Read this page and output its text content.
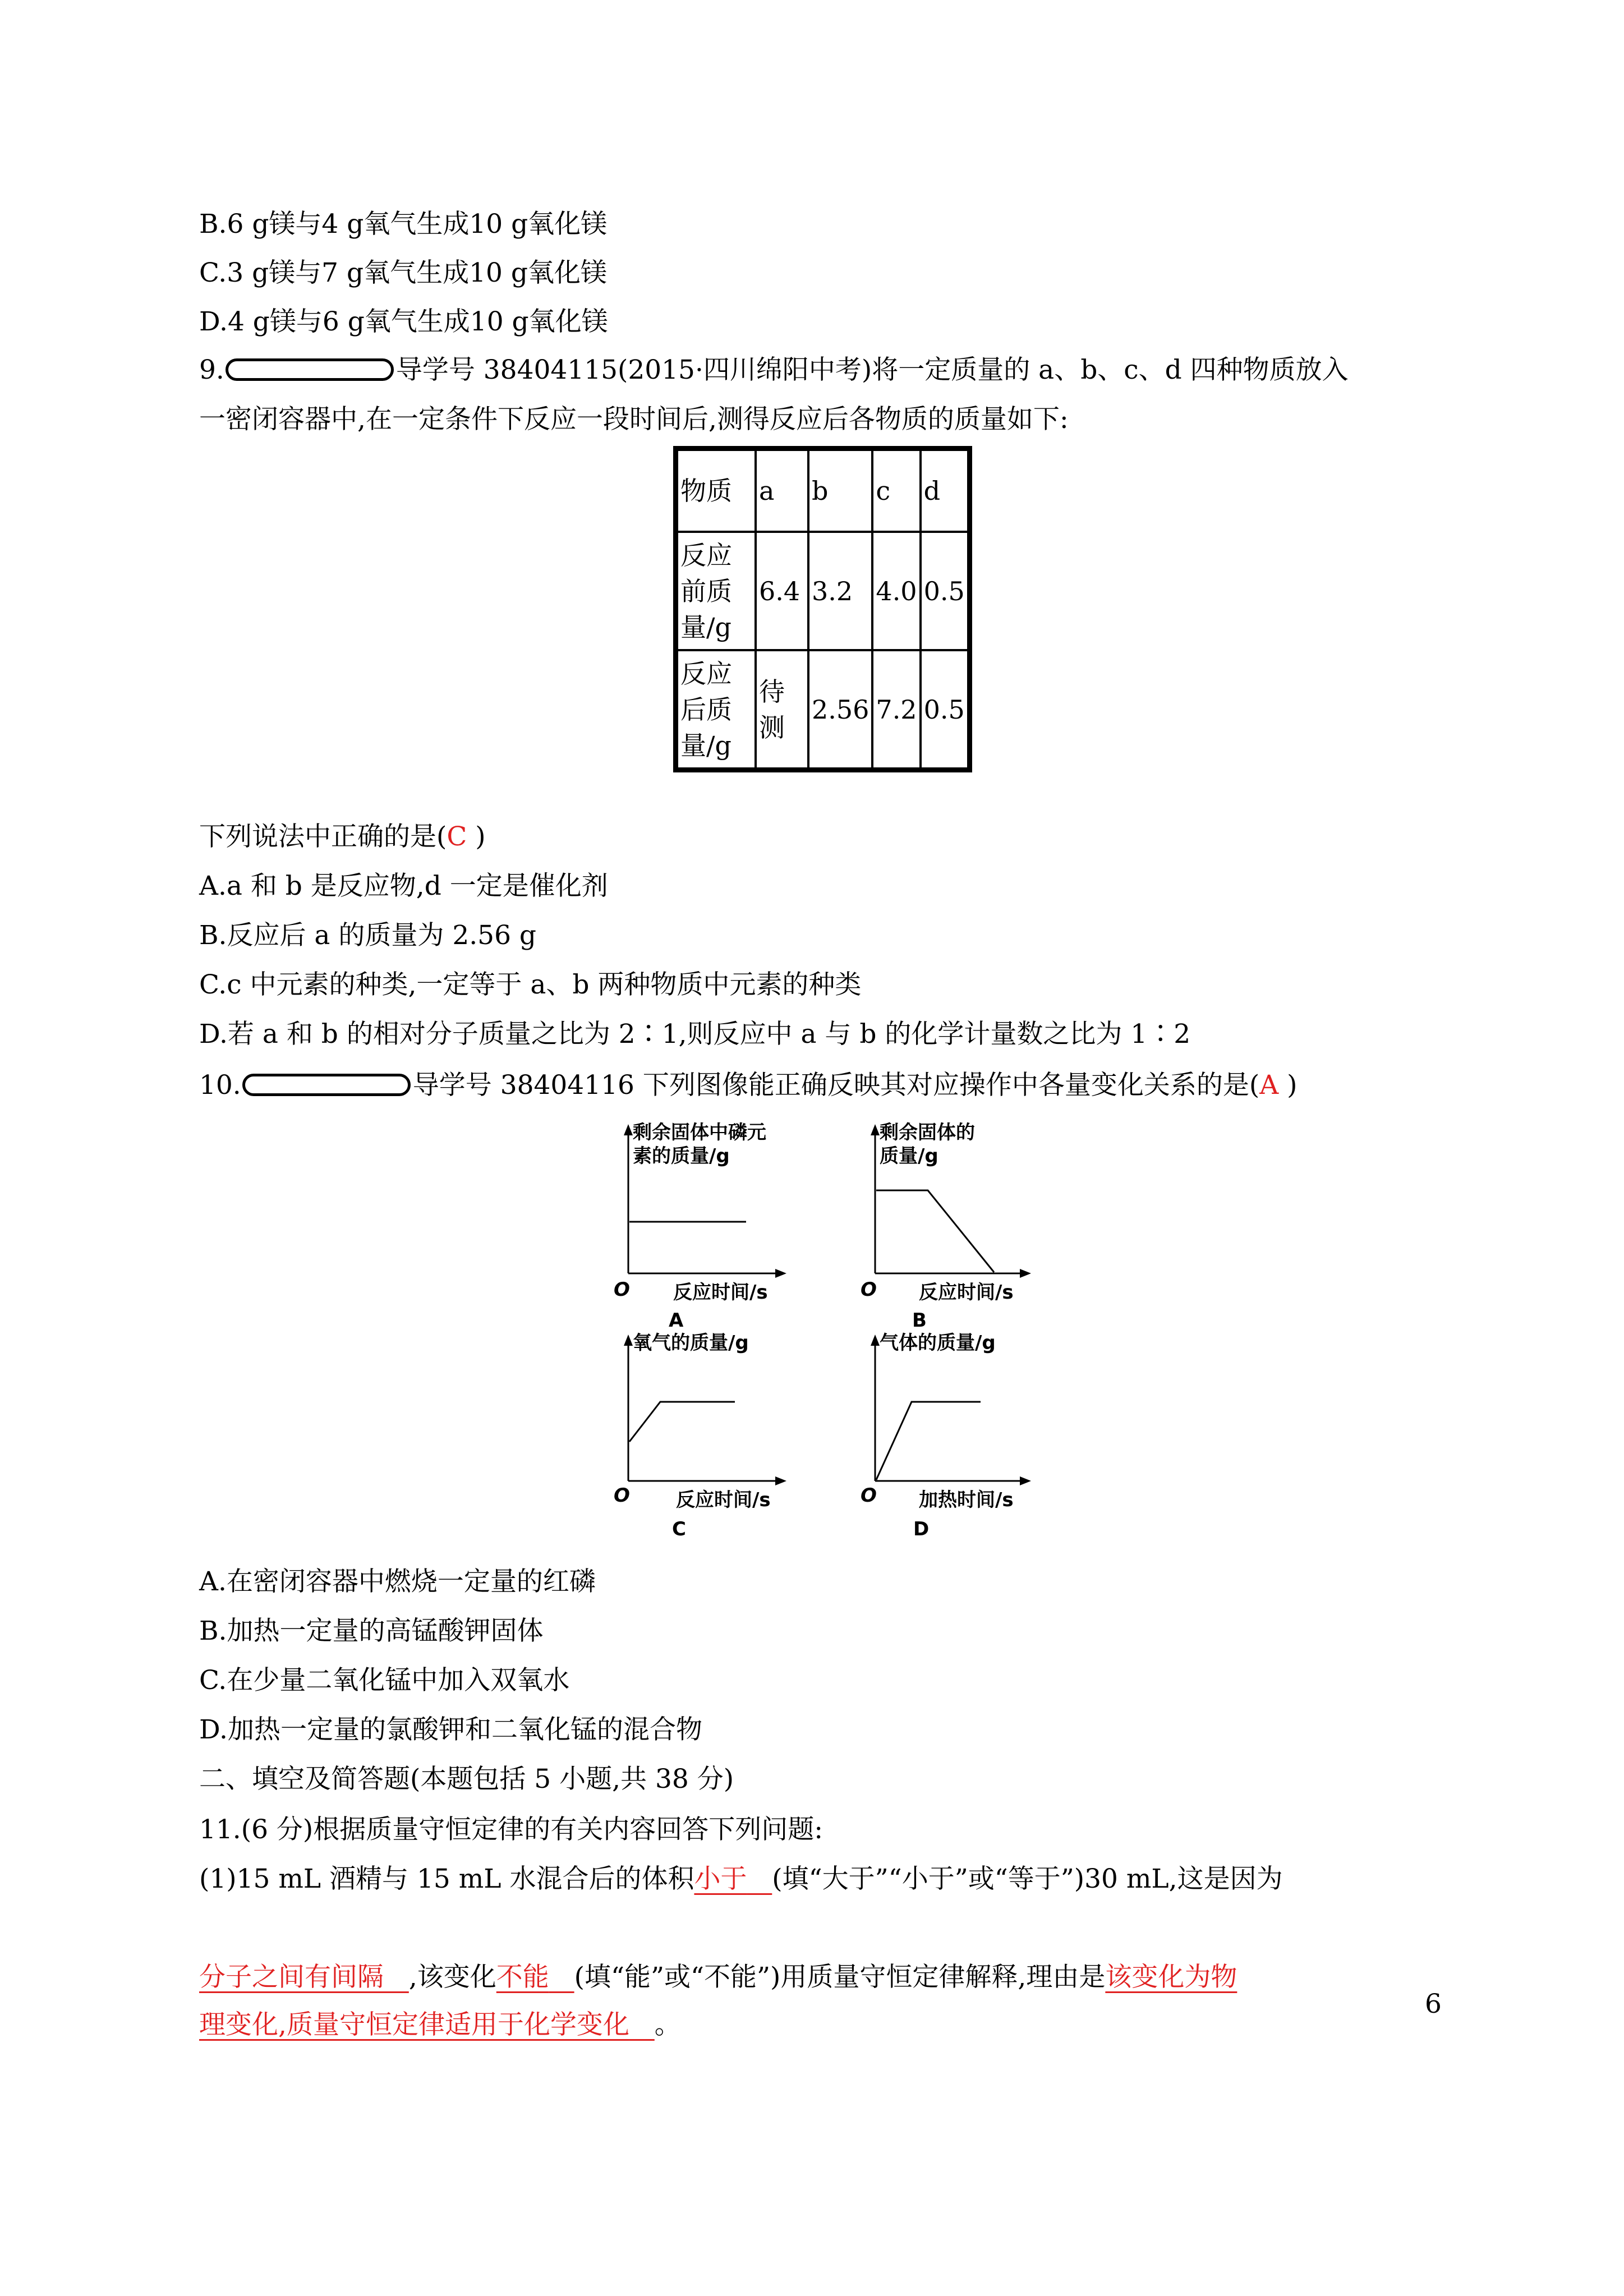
B.6 g镁与4 g氧气生成10 g氧化镁
C.3 g镁与7 g氧气生成10 g氧化镁
D.4 g镁与6 g氧气生成10 g氧化镁
9.	导学号 38404115(2015·四川绵阳中考)将一定质量的 a、b、c、d 四种物质放入
一密闭容器中,在一定条件下反应一段时间后,测得反应后各物质的质量如下:
物质	a	b	c	d
反应前质量/g	6.4	3.2	4.0	0.5
反应后质量/g	待测	2.56	7.2	0.5
下列说法中正确的是(C )
A.a 和 b 是反应物,d 一定是催化剂
B.反应后 a 的质量为 2.56 g
C.c 中元素的种类,一定等于 a、b 两种物质中元素的种类
D.若 a 和 b 的相对分子质量之比为 2∶1,则反应中 a 与 b 的化学计量数之比为 1∶2
10.	导学号 38404116 下列图像能正确反映其对应操作中各量变化关系的是(A )
剩余固体中磷元
素的质量/g
O 反应时间/s
A
剩余固体的
质量/g
O 反应时间/s
B
氧气的质量/g
O 反应时间/s
C
气体的质量/g
O 加热时间/s
D
A.在密闭容器中燃烧一定量的红磷
B.加热一定量的高锰酸钾固体
C.在少量二氧化锰中加入双氧水
D.加热一定量的氯酸钾和二氧化锰的混合物
二、填空及简答题(本题包括 5 小题,共 38 分)
11.(6 分)根据质量守恒定律的有关内容回答下列问题:
(1)15 mL 酒精与 15 mL 水混合后的体积小于 (填“大于”“小于”或“等于”)30 mL,这是因为
分子之间有间隔 ,该变化不能 (填“能”或“不能”)用质量守恒定律解释,理由是该变化为物
理变化,质量守恒定律适用于化学变化 。
6
